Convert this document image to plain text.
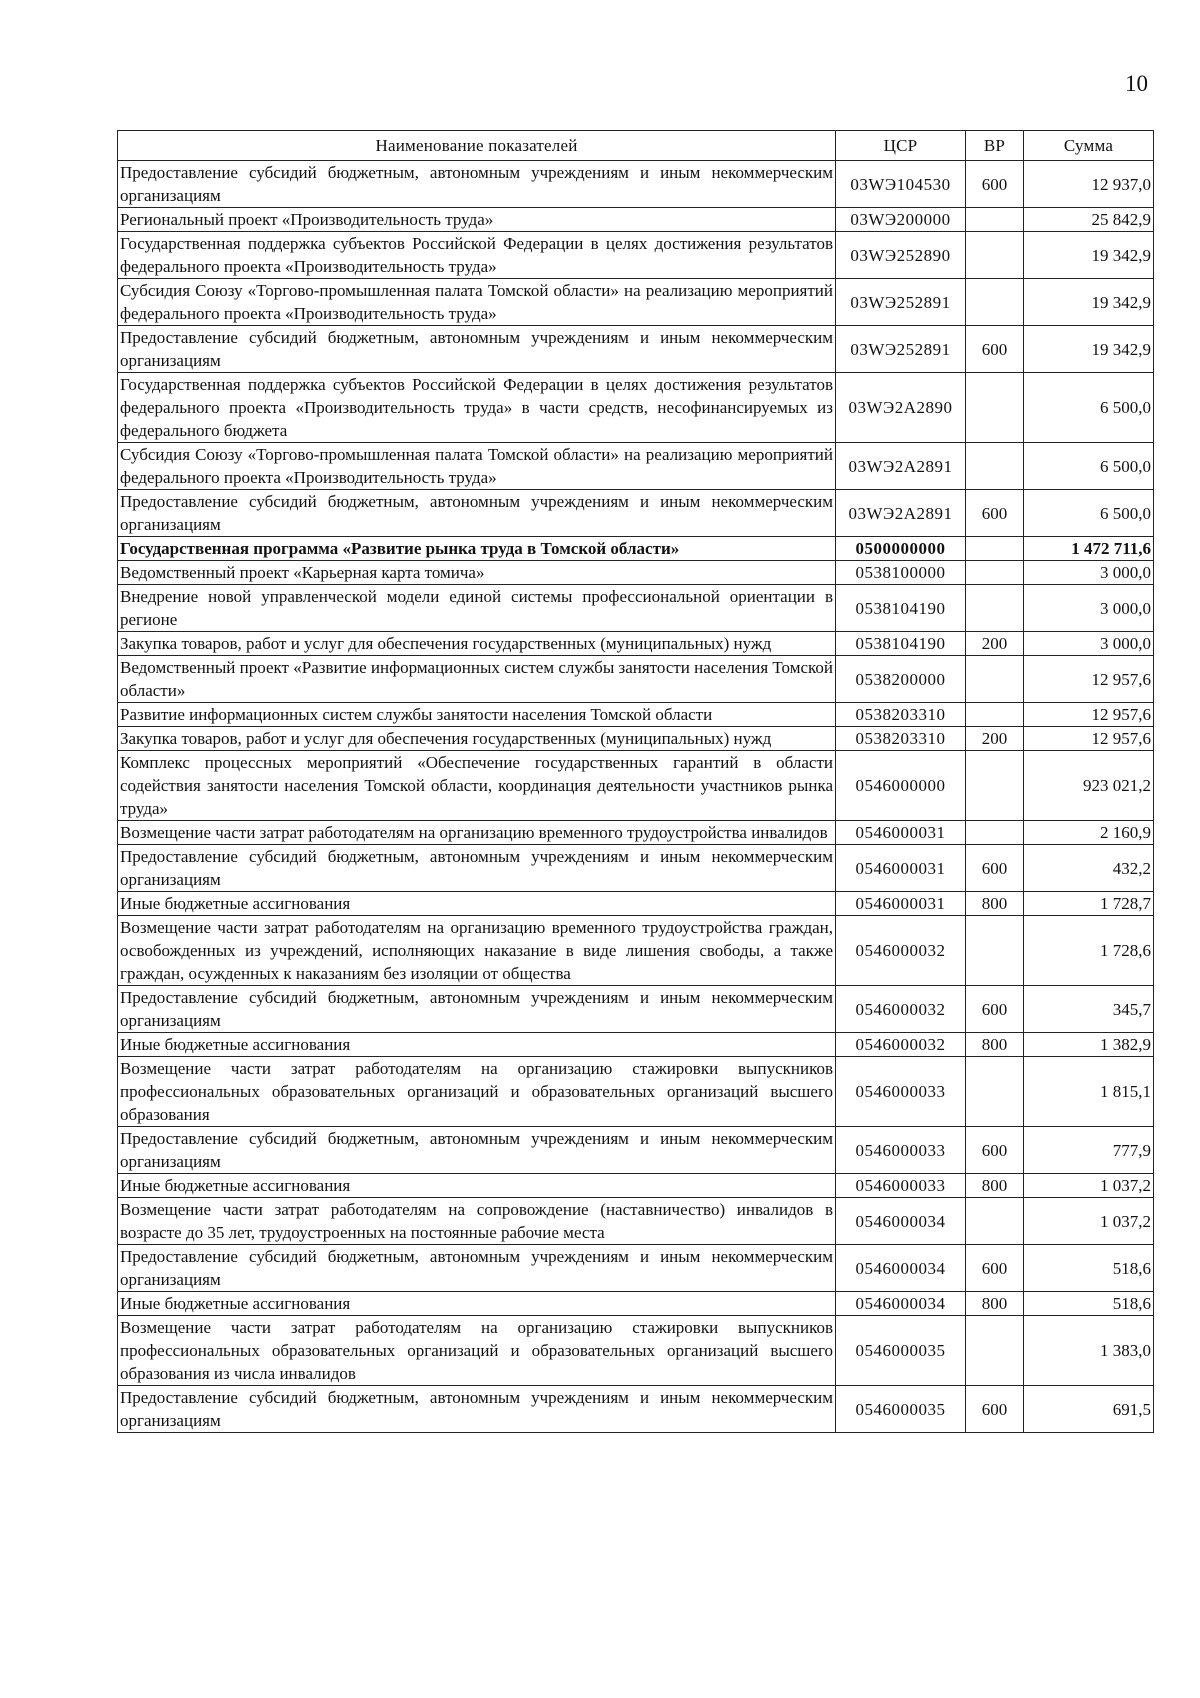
10
Наименование показателей	ЦСР	ВР	Сумма
Предоставление субсидий бюджетным, автономным учреждениям и иным некоммерческим организациям	03WЭ104530	600	12 937,0
Региональный проект «Производительность труда»	03WЭ200000		25 842,9
Государственная поддержка субъектов Российской Федерации в целях достижения результатов федерального проекта «Производительность труда»	03WЭ252890		19 342,9
Субсидия Союзу «Торгово-промышленная палата Томской области» на реализацию мероприятий федерального проекта «Производительность труда»	03WЭ252891		19 342,9
Предоставление субсидий бюджетным, автономным учреждениям и иным некоммерческим организациям	03WЭ252891	600	19 342,9
Государственная поддержка субъектов Российской Федерации в целях достижения результатов федерального проекта «Производительность труда» в части средств, несофинансируемых из федерального бюджета	03WЭ2А2890		6 500,0
Субсидия Союзу «Торгово-промышленная палата Томской области» на реализацию мероприятий федерального проекта «Производительность труда»	03WЭ2А2891		6 500,0
Предоставление субсидий бюджетным, автономным учреждениям и иным некоммерческим организациям	03WЭ2А2891	600	6 500,0
Государственная программа «Развитие рынка труда в Томской области»	0500000000		1 472 711,6
Ведомственный проект «Карьерная карта томича»	0538100000		3 000,0
Внедрение новой управленческой модели единой системы профессиональной ориентации в регионе	0538104190		3 000,0
Закупка товаров, работ и услуг для обеспечения государственных (муниципальных) нужд	0538104190	200	3 000,0
Ведомственный проект «Развитие информационных систем службы занятости населения Томской области»	0538200000		12 957,6
Развитие информационных систем службы занятости населения Томской области	0538203310		12 957,6
Закупка товаров, работ и услуг для обеспечения государственных (муниципальных) нужд	0538203310	200	12 957,6
Комплекс процессных мероприятий «Обеспечение государственных гарантий в области содействия занятости населения Томской области, координация деятельности участников рынка труда»	0546000000		923 021,2
Возмещение части затрат работодателям на организацию временного трудоустройства инвалидов	0546000031		2 160,9
Предоставление субсидий бюджетным, автономным учреждениям и иным некоммерческим организациям	0546000031	600	432,2
Иные бюджетные ассигнования	0546000031	800	1 728,7
Возмещение части затрат работодателям на организацию временного трудоустройства граждан, освобожденных из учреждений, исполняющих наказание в виде лишения свободы, а также граждан, осужденных к наказаниям без изоляции от общества	0546000032		1 728,6
Предоставление субсидий бюджетным, автономным учреждениям и иным некоммерческим организациям	0546000032	600	345,7
Иные бюджетные ассигнования	0546000032	800	1 382,9
Возмещение части затрат работодателям на организацию стажировки выпускников профессиональных образовательных организаций и образовательных организаций высшего образования	0546000033		1 815,1
Предоставление субсидий бюджетным, автономным учреждениям и иным некоммерческим организациям	0546000033	600	777,9
Иные бюджетные ассигнования	0546000033	800	1 037,2
Возмещение части затрат работодателям на сопровождение (наставничество) инвалидов в возрасте до 35 лет, трудоустроенных на постоянные рабочие места	0546000034		1 037,2
Предоставление субсидий бюджетным, автономным учреждениям и иным некоммерческим организациям	0546000034	600	518,6
Иные бюджетные ассигнования	0546000034	800	518,6
Возмещение части затрат работодателям на организацию стажировки выпускников профессиональных образовательных организаций и образовательных организаций высшего образования из числа инвалидов	0546000035		1 383,0
Предоставление субсидий бюджетным, автономным учреждениям и иным некоммерческим организациям	0546000035	600	691,5
